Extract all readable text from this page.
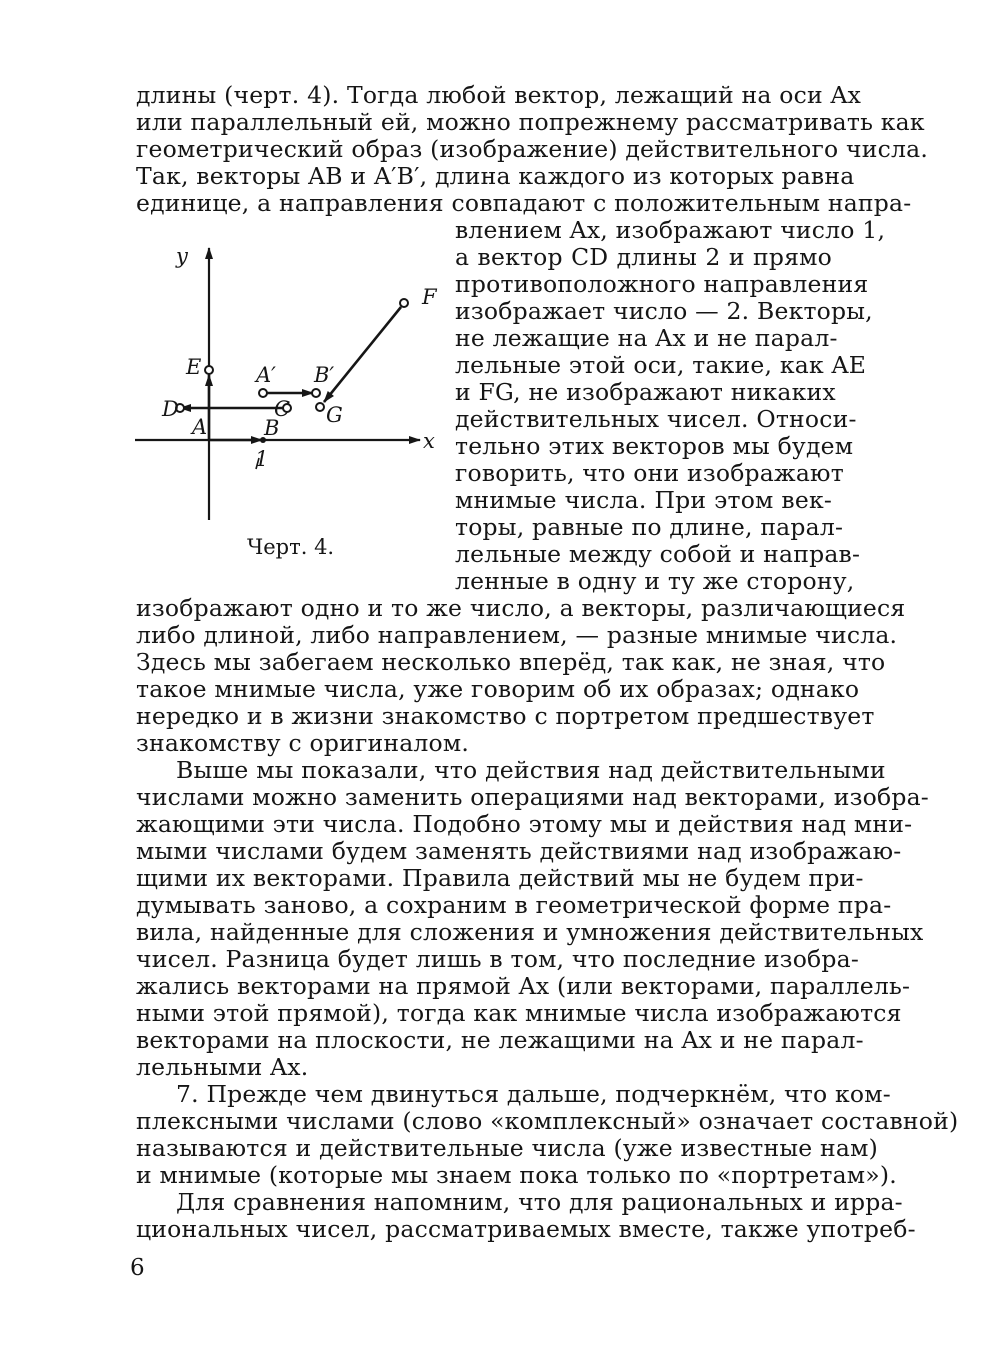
длины (черт. 4). Тогда любой вектор, лежащий на оси Ax
или параллельный ей, можно попрежнему рассматривать как
геометрический образ (изображение) действительного числа.
Так, векторы AB и A′B′, длина каждого из которых равна
единице, а направления совпадают с положительным напра-
влением Ax, изображают число 1,
а вектор CD длины 2 и прямо
противоположного направления
изображает число — 2. Векторы,
не лежащие на Ax и не парал-
лельные этой оси, такие, как AE
и FG, не изображают никаких
действительных чисел. Относи-
тельно этих векторов мы будем
говорить, что они изображают
мнимые числа. При этом век-
торы, равные по длине, парал-
лельные между собой и направ-
ленные в одну и ту же сторону,
y
x
E	A′ B′
F
D	C G
A	B
1
Черт. 4.
изображают одно и то же число, а векторы, различающиеся
либо длиной, либо направлением, — разные мнимые числа.
Здесь мы забегаем несколько вперёд, так как, не зная, что
такое мнимые числа, уже говорим об их образах; однако
нередко и в жизни знакомство с портретом предшествует
знакомству с оригиналом.
Выше мы показали, что действия над действительными
числами можно заменить операциями над векторами, изобра-
жающими эти числа. Подобно этому мы и действия над мни-
мыми числами будем заменять действиями над изображаю-
щими их векторами. Правила действий мы не будем при-
думывать заново, а сохраним в геометрической форме пра-
вила, найденные для сложения и умножения действительных
чисел. Разница будет лишь в том, что последние изобра-
жались векторами на прямой Ax (или векторами, параллель-
ными этой прямой), тогда как мнимые числа изображаются
векторами на плоскости, не лежащими на Ax и не парал-
лельными Ax.
7. Прежде чем двинуться дальше, подчеркнём, что ком-
плексными числами (слово «комплексный» означает составной)
называются и действительные числа (уже известные нам)
и мнимые (которые мы знаем пока только по «портретам»).
Для сравнения напомним, что для рациональных и ирра-
циональных чисел, рассматриваемых вместе, также употреб-
6
